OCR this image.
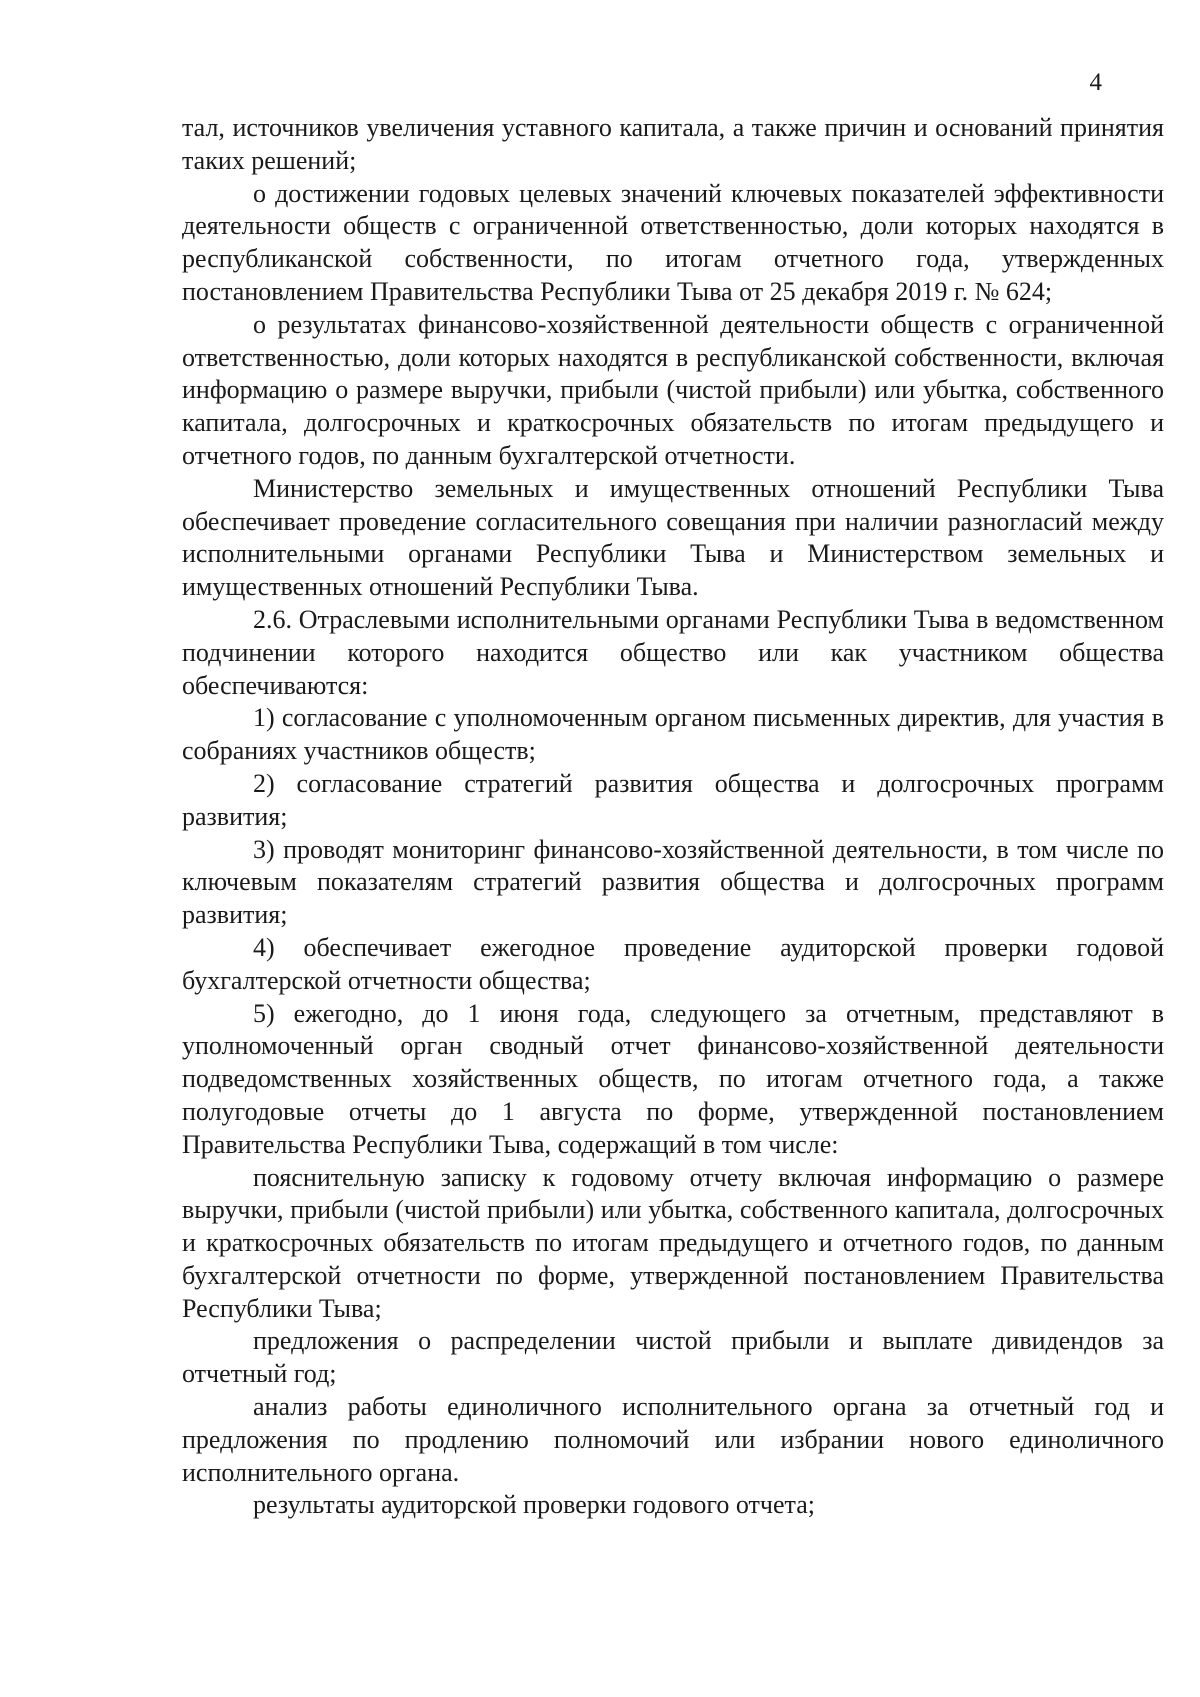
4

тал, источников увеличения уставного капитала, а также причин и оснований принятия таких решений;

о достижении годовых целевых значений ключевых показателей эффективности деятельности обществ с ограниченной ответственностью, доли которых находятся в республиканской собственности, по итогам отчетного года, утвержденных постановлением Правительства Республики Тыва от 25 декабря 2019 г. № 624;

о результатах финансово-хозяйственной деятельности обществ с ограниченной ответственностью, доли которых находятся в республиканской собственности, включая информацию о размере выручки, прибыли (чистой прибыли) или убытка, собственного капитала, долгосрочных и краткосрочных обязательств по итогам предыдущего и отчетного годов, по данным бухгалтерской отчетности.

Министерство земельных и имущественных отношений Республики Тыва обеспечивает проведение согласительного совещания при наличии разногласий между исполнительными органами Республики Тыва и Министерством земельных и имущественных отношений Республики Тыва.

2.6. Отраслевыми исполнительными органами Республики Тыва в ведомственном подчинении которого находится общество или как участником общества обеспечиваются:

1) согласование с уполномоченным органом письменных директив, для участия в собраниях участников обществ;

2) согласование стратегий развития общества и долгосрочных программ развития;

3) проводят мониторинг финансово-хозяйственной деятельности, в том числе по ключевым показателям стратегий развития общества и долгосрочных программ развития;

4) обеспечивает ежегодное проведение аудиторской проверки годовой бухгалтерской отчетности общества;

5) ежегодно, до 1 июня года, следующего за отчетным, представляют в уполномоченный орган сводный отчет финансово-хозяйственной деятельности подведомственных хозяйственных обществ, по итогам отчетного года, а также полугодовые отчеты до 1 августа по форме, утвержденной постановлением Правительства Республики Тыва, содержащий в том числе:

пояснительную записку к годовому отчету включая информацию о размере выручки, прибыли (чистой прибыли) или убытка, собственного капитала, долгосрочных и краткосрочных обязательств по итогам предыдущего и отчетного годов, по данным бухгалтерской отчетности по форме, утвержденной постановлением Правительства Республики Тыва;

предложения о распределении чистой прибыли и выплате дивидендов за отчетный год;

анализ работы единоличного исполнительного органа за отчетный год и предложения по продлению полномочий или избрании нового единоличного исполнительного органа.

результаты аудиторской проверки годового отчета;
